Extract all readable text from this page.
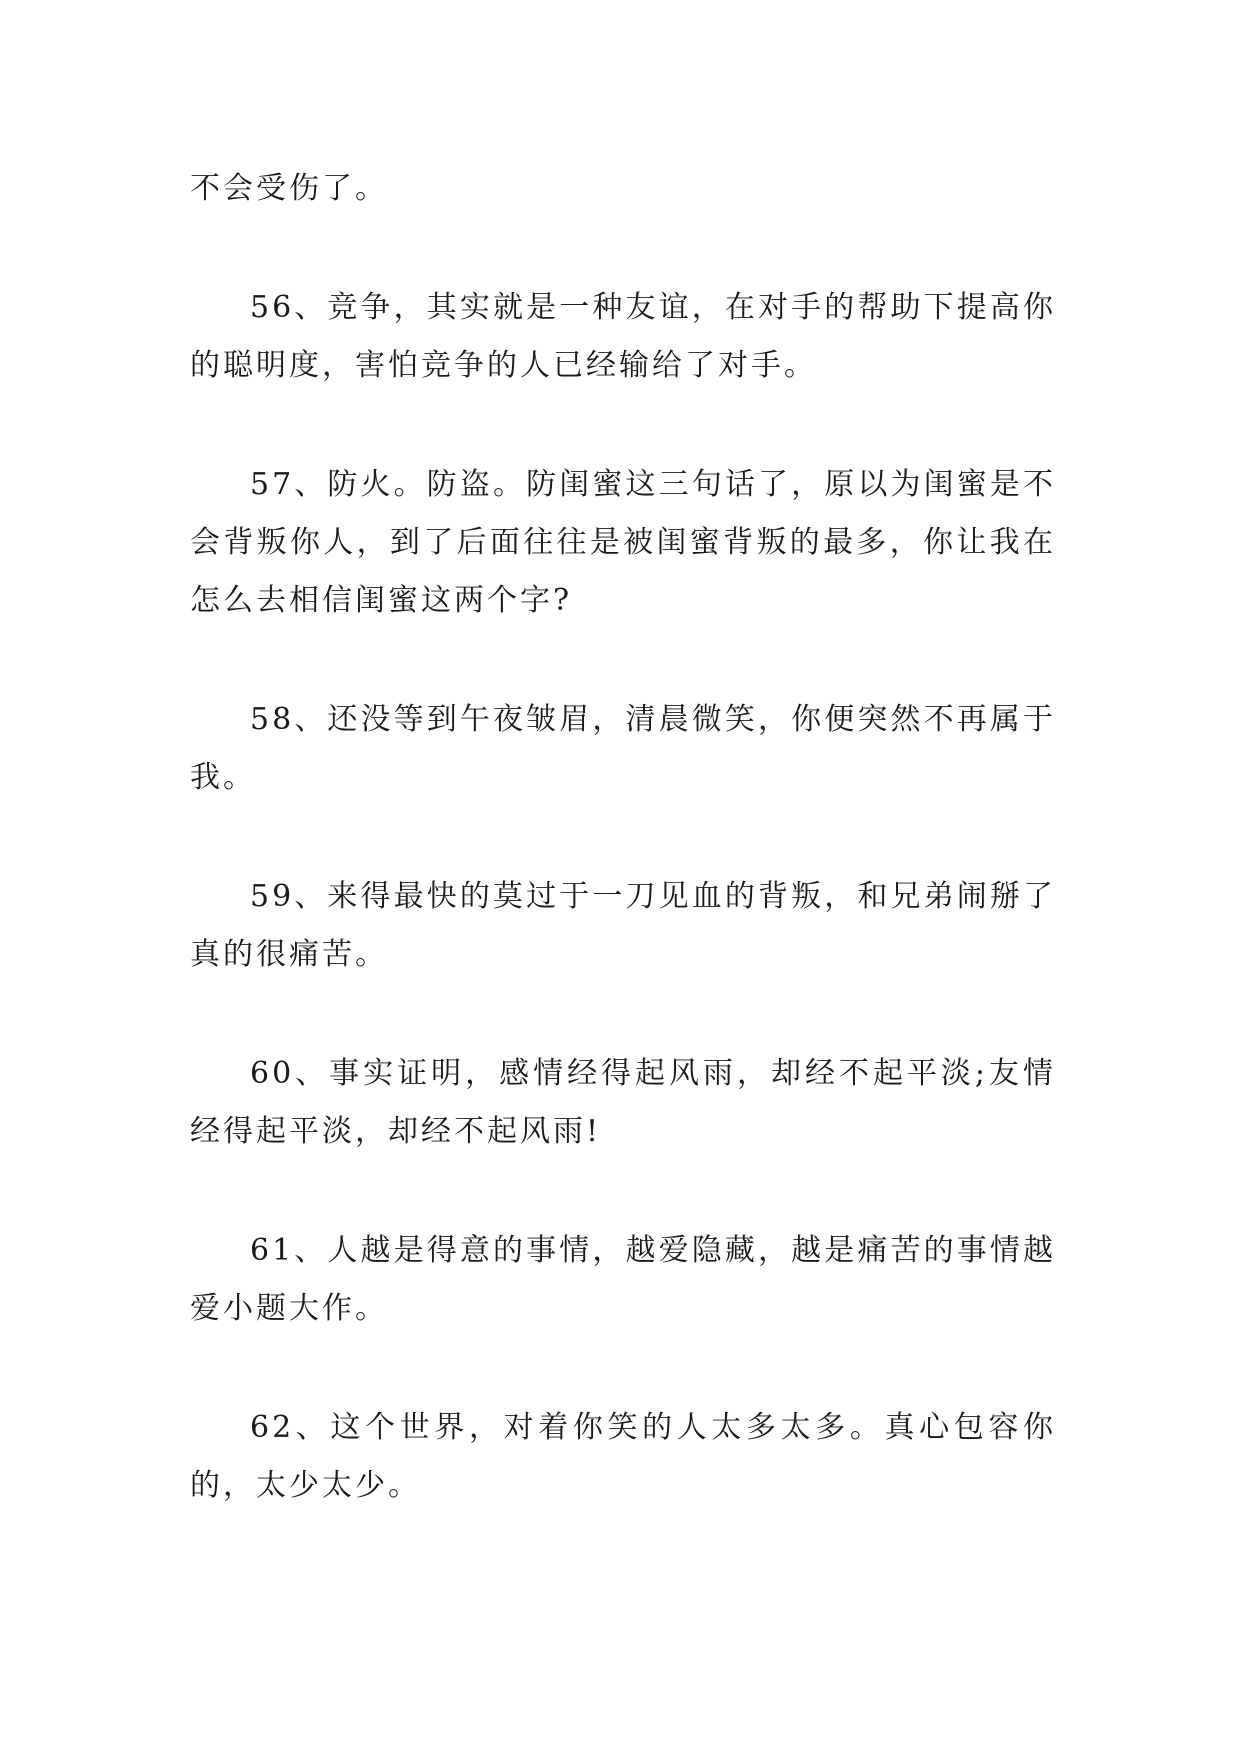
不会受伤了。

56、竞争，其实就是一种友谊，在对手的帮助下提高你的聪明度，害怕竞争的人已经输给了对手。

57、防火。防盗。防闺蜜这三句话了，原以为闺蜜是不会背叛你人，到了后面往往是被闺蜜背叛的最多，你让我在怎么去相信闺蜜这两个字?

58、还没等到午夜皱眉，清晨微笑，你便突然不再属于我。

59、来得最快的莫过于一刀见血的背叛，和兄弟闹掰了真的很痛苦。

60、事实证明，感情经得起风雨，却经不起平淡;友情经得起平淡，却经不起风雨!

61、人越是得意的事情，越爱隐藏，越是痛苦的事情越爱小题大作。

62、这个世界，对着你笑的人太多太多。真心包容你的，太少太少。
